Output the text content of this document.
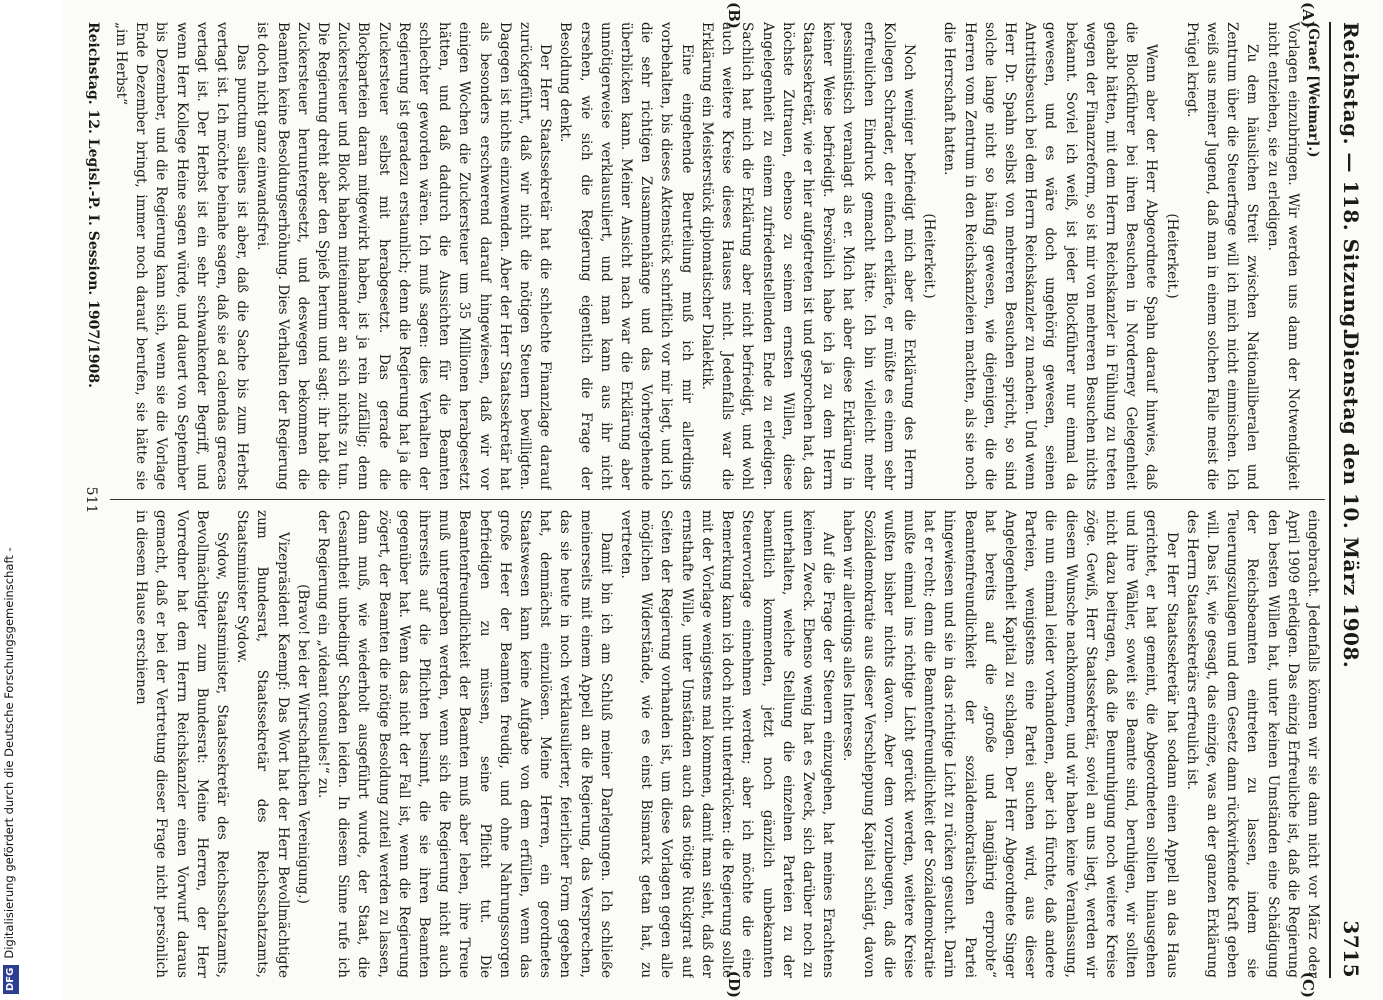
Reichstag. — 118. Sitzung.
Dienstag den 10. März 1908.
3715

(Graef [Weimar].)

Vorlagen einzubringen. Wir werden uns dann der Notwendigkeit nicht entziehen, sie zu erledigen.

Zu dem häuslichen Streit zwischen Nationalliberalen und Zentrum über die Steuerfrage will ich mich nicht einmischen. Ich weiß aus meiner Jugend, daß man in einem solchen Falle meist die Prügel kriegt.

(Heiterkeit.)

Wenn aber der Herr Abgeordnete Spahn darauf hinwies, daß die Blockführer bei ihren Besuchen in Norderney Gelegenheit gehabt hätten, mit dem Herrn Reichskanzler in Fühlung zu treten wegen der Finanzreform, so ist mir von mehreren Besuchen nichts bekannt. Soviel ich weiß, ist jeder Blockführer nur einmal da gewesen, und es wäre doch ungehörig gewesen, seinen Antrittsbesuch bei dem Herrn Reichskanzler zu machen. Und wenn Herr Dr. Spahn selbst von mehreren Besuchen spricht, so sind solche lange nicht so häufig gewesen, wie diejenigen, die die Herren vom Zentrum in den Reichskanzleien machten, als sie noch die Herrschaft hatten.

(Heiterkeit.)

Noch weniger befriedigt mich aber die Erklärung des Herrn Kollegen Schrader, der einfach erklärte, er müßte es einem sehr erfreulichen Eindruck gemacht hätte. Ich bin vielleicht mehr pessimistisch veranlagt als er. Mich hat aber diese Erklärung in keiner Weise befriedigt. Persönlich habe ich ja zu dem Herrn Staatssekretär, wie er hier aufgetreten ist und gesprochen hat, das höchste Zutrauen, ebenso zu seinem ernsten Willen, diese Angelegenheit zu einem zufriedenstellenden Ende zu erledigen. Sachlich hat mich die Erklärung aber nicht befriedigt, und wohl auch weitere Kreise dieses Hauses nicht. Jedenfalls war die Erklärung ein Meisterstück diplomatischer Dialektik.

Eine eingehende Beurteilung muß ich mir allerdings vorbehalten, bis dieses Aktenstück schriftlich vor mir liegt, und ich die sehr richtigen Zusammenhänge und das Vorhergehende überblicken kann. Meiner Ansicht nach war die Erklärung aber unnötigerweise verklausuliert, und man kann aus ihr nicht ersehen, wie sich die Regierung eigentlich die Frage der Besoldung denkt.

Der Herr Staatssekretär hat die schlechte Finanzlage darauf zurückgeführt, daß wir nicht die nötigen Steuern bewilligten. Dagegen ist nichts einzuwenden. Aber der Herr Staatssekretär hat als besonders erschwerend darauf hingewiesen, daß wir vor einigen Wochen die Zuckersteuer um 35 Millionen herabgesetzt hätten, und daß dadurch die Aussichten für die Beamten schlechter geworden wären. Ich muß sagen: dies Verhalten der Regierung ist geradezu erstaunlich; denn die Regierung hat ja die Zuckersteuer selbst mit herabgesetzt. Das gerade die Blockparteien daran mitgewirkt haben, ist ja rein zufällig; denn Zuckersteuer und Block haben miteinander an sich nichts zu tun. Die Regierung dreht aber den Spieß herum und sagt: ihr habt die Zuckersteuer heruntergesetzt, und deswegen bekommen die Beamten keine Besoldungserhöhung. Dies Verhalten der Regierung ist doch nicht ganz einwandsfrei.

Das punctum saliens ist aber, daß die Sache bis zum Herbst vertagt ist. Ich möchte beinahe sagen, daß sie ad calendas graecas vertagt ist. Der Herbst ist ein sehr schwankender Begriff, und wenn Herr Kollege Heine sagen würde, und dauert von September bis Dezember, und die Regierung kann sich, wenn sie die Vorlage Ende Dezember bringt, immer noch darauf berufen, sie hätte sie „im Herbst“

eingebracht. Jedenfalls können wir sie dann nicht vor März oder April 1909 erledigen. Das einzig Erfreuliche ist, daß die Regierung den besten Willen hat, unter keinen Umständen eine Schädigung der Reichsbeamten eintreten zu lassen, indem sie Teuerungszulagen und dem Gesetz dann rückwirkende Kraft geben will. Das ist, wie gesagt, das einzige, was an der ganzen Erklärung des Herrn Staatssekretärs erfreulich ist.

Der Herr Staatssekretär hat sodann einen Appell an das Haus gerichtet, er hat gemeint, die Abgeordneten sollten hinausgehen und ihre Wähler, soweit sie Beamte sind, beruhigen, wir sollten nicht dazu beitragen, daß die Beunruhigung noch weitere Kreise zöge. Gewiß, Herr Staatssekretär, soviel an uns liegt, werden wir diesem Wunsche nachkommen, und wir haben keine Veranlassung, die nun einmal leider vorhandenen, aber ich fürchte, daß andere Parteien, wenigstens eine Partei suchen wird, aus dieser Angelegenheit Kapital zu schlagen. Der Herr Abgeordnete Singer hat bereits auf die „große und langjährig erprobte“ Beamtenfreundlichkeit der sozialdemokratischen Partei hingewiesen und sie in das richtige Licht zu rücken gesucht. Darin hat er recht; denn die Beamtenfreundlichkeit der Sozialdemokratie mußte einmal ins richtige Licht gerückt werden, weitere Kreise wußten bisher nichts davon. Aber dem vorzubeugen, daß die Sozialdemokratie aus dieser Verschleppung Kapital schlägt, davon haben wir allerdings alles Interesse.

Auf die Frage der Steuern einzugehen, hat meines Erachtens keinen Zweck. Ebenso wenig hat es Zweck, sich darüber noch zu unterhalten, welche Stellung die einzelnen Parteien zu der beamtlich kommenden, jetzt noch gänzlich unbekannten Steuervorlage einnehmen werden; aber ich möchte die eine Bemerkung kann ich doch nicht unterdrücken: die Regierung sollte mit der Vorlage wenigstens mal kommen, damit man sieht, daß der ernsthafte Wille, unter Umständen auch das nötige Rückgrat auf Seiten der Regierung vorhanden ist, um diese Vorlagen gegen alle möglichen Widerstände, wie es einst Bismarck getan hat, zu vertreten.

Damit bin ich am Schluß meiner Darlegungen. Ich schließe meinerseits mit einem Appell an die Regierung, das Versprechen, das sie heute in noch verklausulierter, feierlicher Form gegeben hat, demnächst einzulösen. Meine Herren, ein geordnetes Staatswesen kann keine Aufgabe von dem erfüllen, wenn das große Heer der Beamten freudig, und ohne Nahrungssorgen befriedigen zu müssen, seine Pflicht tut. Die Beamtenfreundlichkeit der Beamten muß aber leben, ihre Treue muß untergraben werden, wenn sich die Regierung nicht auch ihrerseits auf die Pflichten besinnt, die sie ihren Beamten gegenüber hat. Wenn das nicht der Fall ist, wenn die Regierung zögert, der Beamten die nötige Besoldung zuteil werden zu lassen, dann muß, wie wiederholt ausgeführt wurde, der Staat, die Gesamtheit unbedingt Schaden leiden. In diesem Sinne rufe ich der Regierung ein „videant consules!“ zu.

(Bravo! bei der Wirtschaftlichen Vereinigung.)

Vizepräsident Kaempf: Das Wort hat der Herr Bevollmächtigte zum Bundesrat, Staatssekretär des Reichsschatzamts, Staatsminister Sydow.

Sydow, Staatsminister, Staatssekretär des Reichsschatzamts, Bevollmächtigter zum Bundesrat: Meine Herren, der Herr Vorredner hat dem Herrn Reichskanzler einen Vorwurf daraus gemacht, daß er bei der Vertretung dieser Frage nicht persönlich in diesem Hause erschienen

(A)
(B)
(C)
(D)
Reichstag. 12. Legisl.-P. I. Session. 1907/1908.
511
DFGDigitalisierung gefördert durch die Deutsche Forschungsgemeinschaft -
